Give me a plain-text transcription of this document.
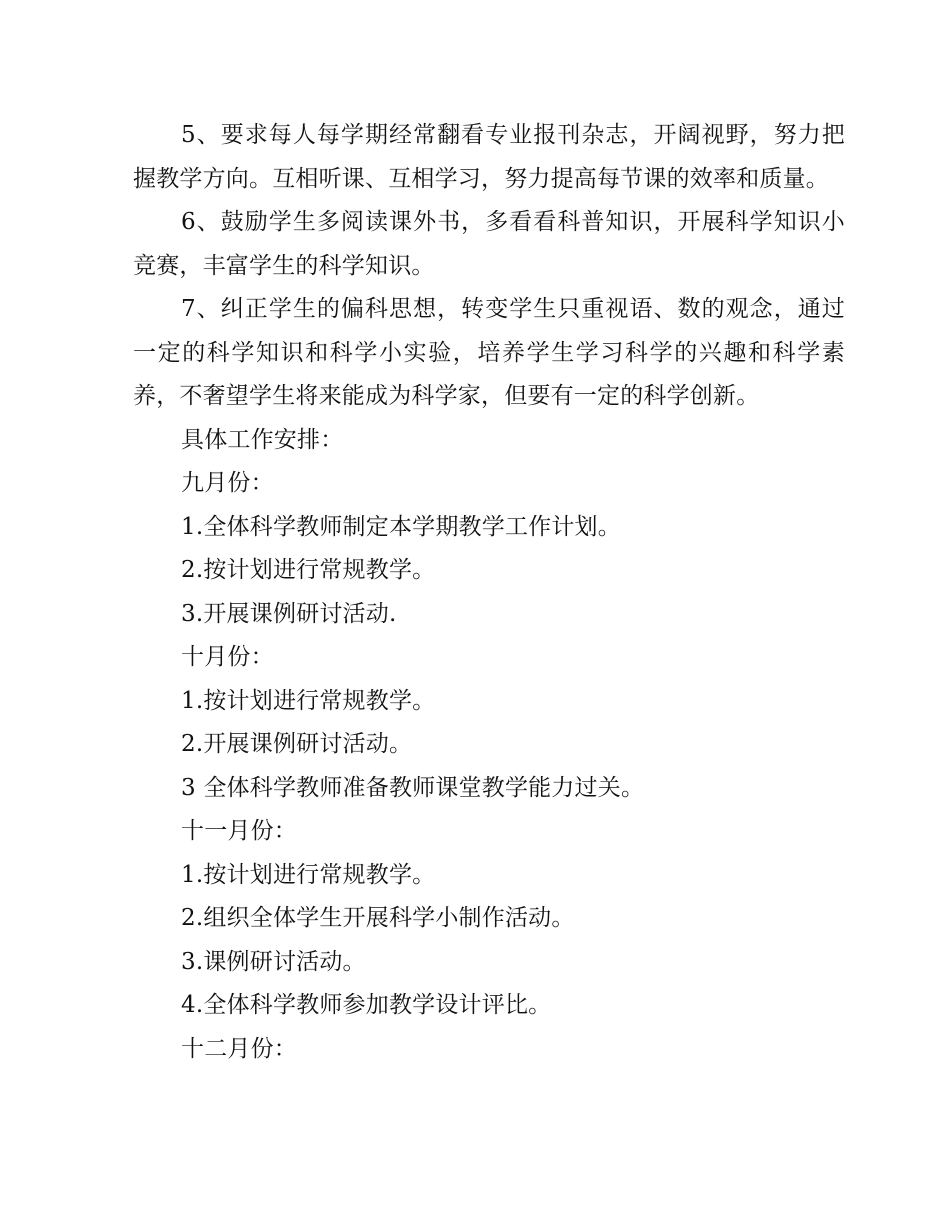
5、要求每人每学期经常翻看专业报刊杂志，开阔视野，努力把握教学方向。互相听课、互相学习，努力提高每节课的效率和质量。

6、鼓励学生多阅读课外书，多看看科普知识，开展科学知识小竞赛，丰富学生的科学知识。

7、纠正学生的偏科思想，转变学生只重视语、数的观念，通过一定的科学知识和科学小实验，培养学生学习科学的兴趣和科学素养，不奢望学生将来能成为科学家，但要有一定的科学创新。

具体工作安排：

九月份：

1.全体科学教师制定本学期教学工作计划。

2.按计划进行常规教学。

3.开展课例研讨活动.

十月份：

1.按计划进行常规教学。

2.开展课例研讨活动。

3 全体科学教师准备教师课堂教学能力过关。

十一月份：

1.按计划进行常规教学。

2.组织全体学生开展科学小制作活动。

3.课例研讨活动。

4.全体科学教师参加教学设计评比。

十二月份：
